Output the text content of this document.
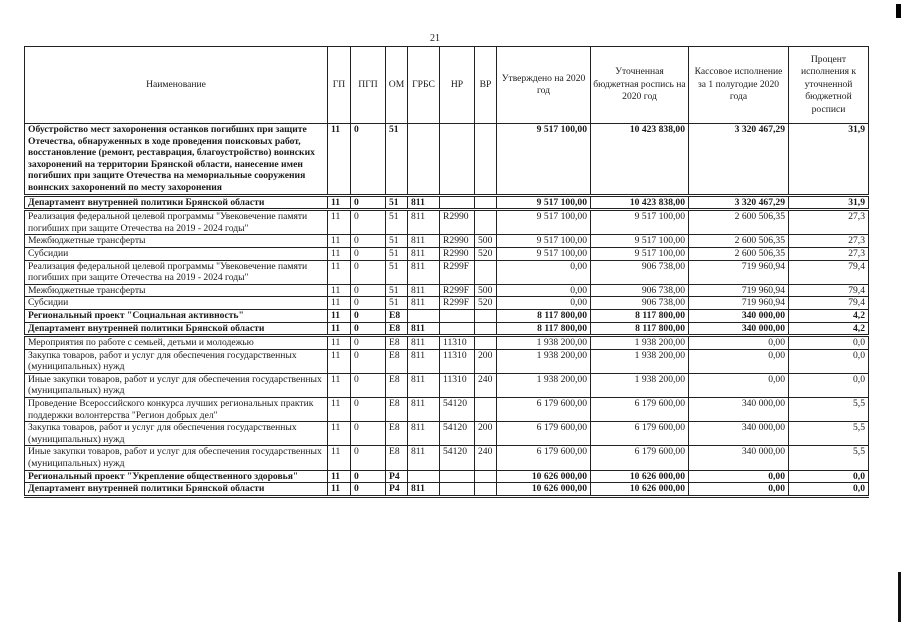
21
Наименование	ГП	ПГП	ОМ	ГРБС	НР	ВР	Утверждено на 2020 год	Уточненная бюджетная роспись на 2020 год	Кассовое исполнение за 1 полугодие 2020 года	Процент исполнения к уточненной бюджетной росписи
Обустройство мест захоронения останков погибших при защите Отечества, обнаруженных в ходе проведения поисковых работ, восстановление (ремонт, реставрация, благоустройство) воинских захоронений на территории Брянской области, нанесение имен погибших при защите Отечества на мемориальные сооружения воинских захоронений по месту захоронения	11	0	51				9 517 100,00	10 423 838,00	3 320 467,29	31,9
Департамент внутренней политики Брянской области	11	0	51	811			9 517 100,00	10 423 838,00	3 320 467,29	31,9
Реализация федеральной целевой программы "Увековечение памяти погибших при защите Отечества на 2019 - 2024 годы"	11	0	51	811	R2990		9 517 100,00	9 517 100,00	2 600 506,35	27,3
Межбюджетные трансферты	11	0	51	811	R2990	500	9 517 100,00	9 517 100,00	2 600 506,35	27,3
Субсидии	11	0	51	811	R2990	520	9 517 100,00	9 517 100,00	2 600 506,35	27,3
Реализация федеральной целевой программы "Увековечение памяти погибших при защите Отечества на 2019 - 2024 годы"	11	0	51	811	R299F		0,00	906 738,00	719 960,94	79,4
Межбюджетные трансферты	11	0	51	811	R299F	500	0,00	906 738,00	719 960,94	79,4
Субсидии	11	0	51	811	R299F	520	0,00	906 738,00	719 960,94	79,4
Региональный проект "Социальная активность"	11	0	E8				8 117 800,00	8 117 800,00	340 000,00	4,2
Департамент внутренней политики Брянской области	11	0	E8	811			8 117 800,00	8 117 800,00	340 000,00	4,2
Мероприятия по работе с семьей, детьми и молодежью	11	0	E8	811	11310		1 938 200,00	1 938 200,00	0,00	0,0
Закупка товаров, работ и услуг для обеспечения государственных (муниципальных) нужд	11	0	E8	811	11310	200	1 938 200,00	1 938 200,00	0,00	0,0
Иные закупки товаров, работ и услуг для обеспечения государственных (муниципальных) нужд	11	0	E8	811	11310	240	1 938 200,00	1 938 200,00	0,00	0,0
Проведение Всероссийского конкурса лучших региональных практик поддержки волонтерства "Регион добрых дел"	11	0	E8	811	54120		6 179 600,00	6 179 600,00	340 000,00	5,5
Закупка товаров, работ и услуг для обеспечения государственных (муниципальных) нужд	11	0	E8	811	54120	200	6 179 600,00	6 179 600,00	340 000,00	5,5
Иные закупки товаров, работ и услуг для обеспечения государственных (муниципальных) нужд	11	0	E8	811	54120	240	6 179 600,00	6 179 600,00	340 000,00	5,5
Региональный проект "Укрепление общественного здоровья"	11	0	P4				10 626 000,00	10 626 000,00	0,00	0,0
Департамент внутренней политики Брянской области	11	0	P4	811			10 626 000,00	10 626 000,00	0,00	0,0
